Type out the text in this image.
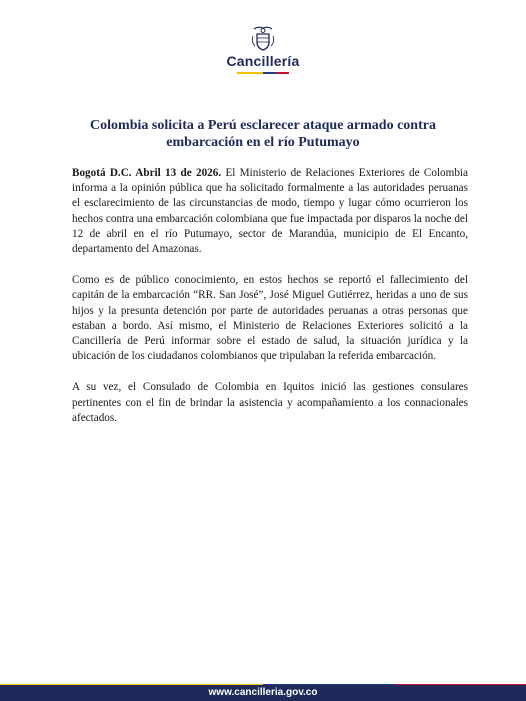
Cancillería
Colombia solicita a Perú esclarecer ataque armado contra embarcación en el río Putumayo

Bogotá D.C. Abril 13 de 2026. El Ministerio de Relaciones Exteriores de Colombia informa a la opinión pública que ha solicitado formalmente a las autoridades peruanas el esclarecimiento de las circunstancias de modo, tiempo y lugar cómo ocurrieron los hechos contra una embarcación colombiana que fue impactada por disparos la noche del 12 de abril en el río Putumayo, sector de Marandúa, municipio de El Encanto, departamento del Amazonas.

Como es de público conocimiento, en estos hechos se reportó el fallecimiento del capitán de la embarcación “RR. San José”, José Miguel Gutiérrez, heridas a uno de sus hijos y la presunta detención por parte de autoridades peruanas a otras personas que estaban a bordo. Así mismo, el Ministerio de Relaciones Exteriores solicitó a la Cancillería de Perú informar sobre el estado de salud, la situación jurídica y la ubicación de los ciudadanos colombianos que tripulaban la referida embarcación.

A su vez, el Consulado de Colombia en Iquitos inició las gestiones consulares pertinentes con el fin de brindar la asistencia y acompañamiento a los connacionales afectados.

www.cancilleria.gov.co
